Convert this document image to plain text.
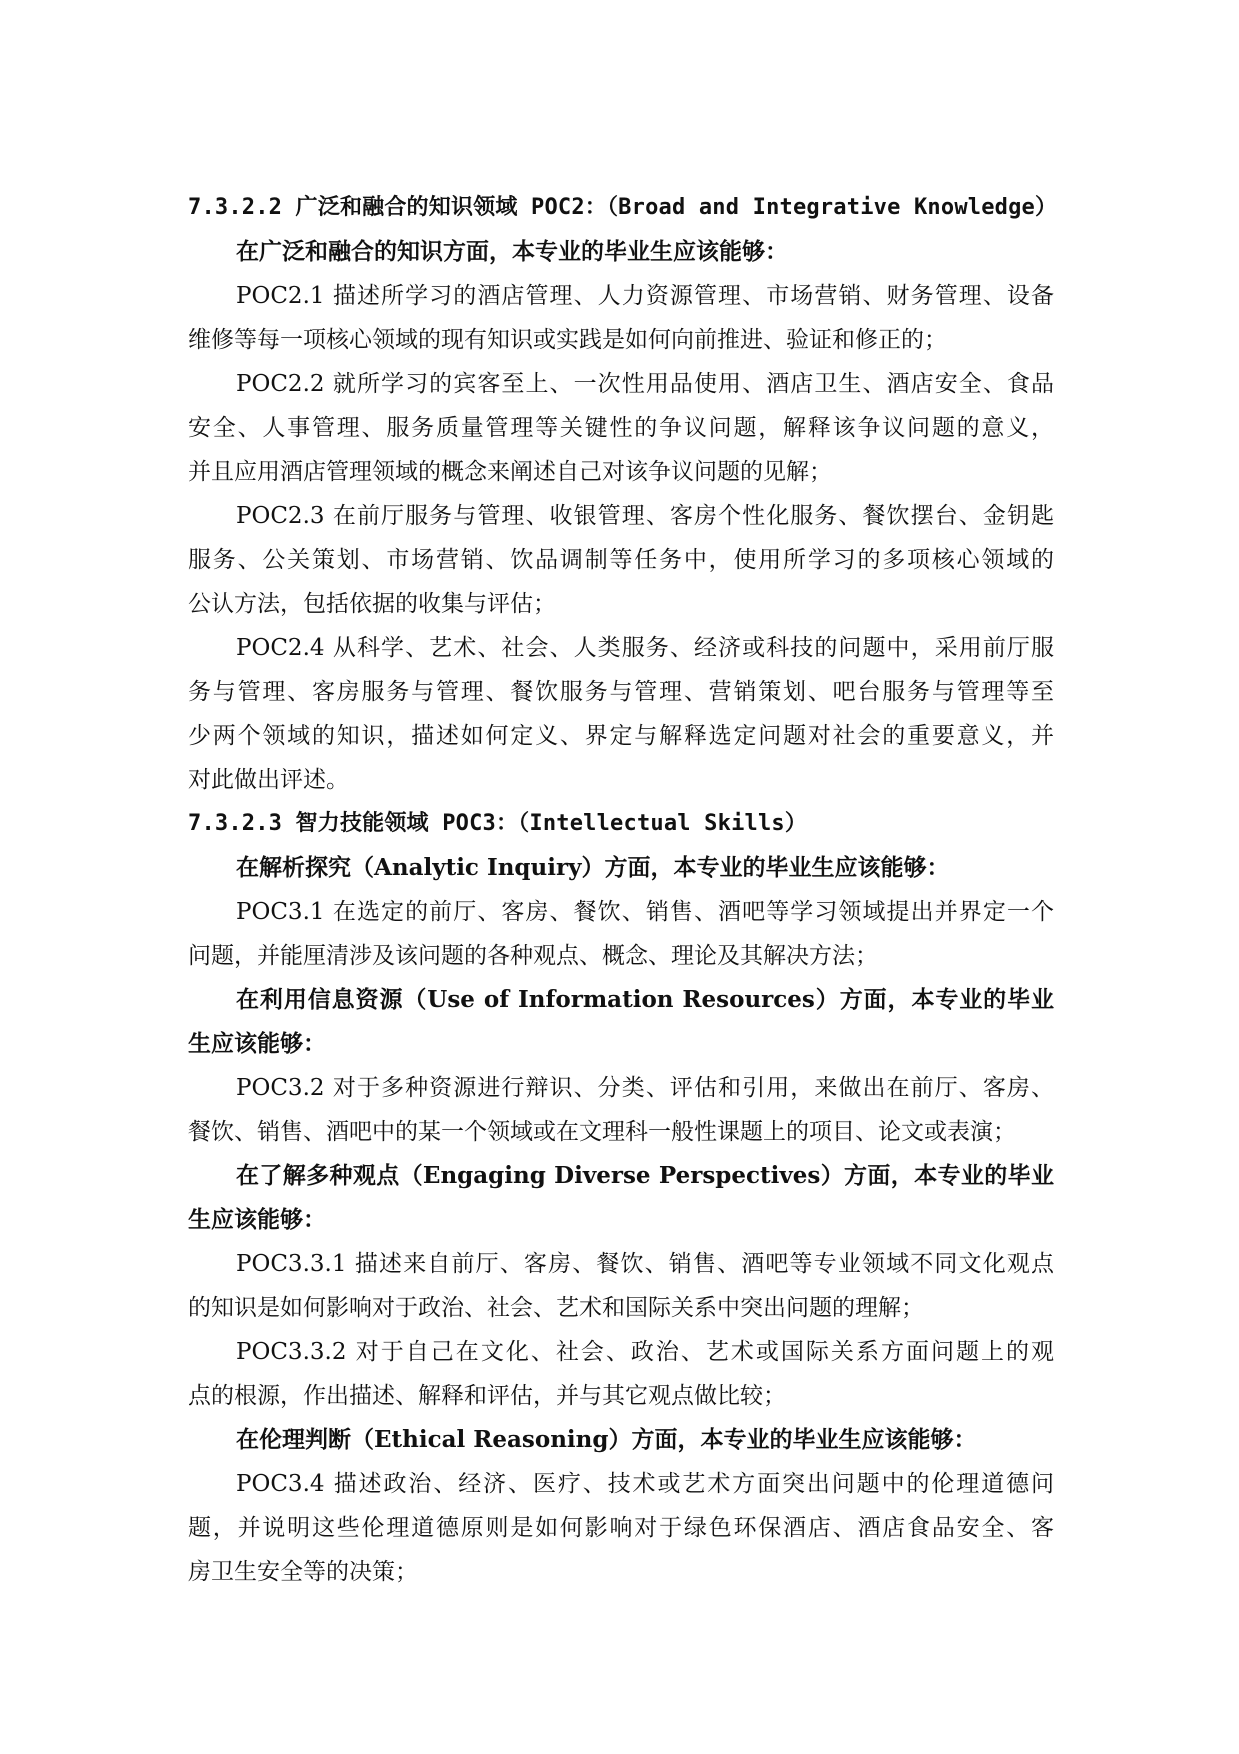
7.3.2.2 广泛和融合的知识领域 POC2：（Broad and Integrative Knowledge）
在广泛和融合的知识方面，本专业的毕业生应该能够：
POC2.1 描述所学习的酒店管理、人力资源管理、市场营销、财务管理、设备
维修等每一项核心领域的现有知识或实践是如何向前推进、验证和修正的；
POC2.2 就所学习的宾客至上、一次性用品使用、酒店卫生、酒店安全、食品
安全、人事管理、服务质量管理等关键性的争议问题，解释该争议问题的意义，
并且应用酒店管理领域的概念来阐述自己对该争议问题的见解；
POC2.3 在前厅服务与管理、收银管理、客房个性化服务、餐饮摆台、金钥匙
服务、公关策划、市场营销、饮品调制等任务中，使用所学习的多项核心领域的
公认方法，包括依据的收集与评估；
POC2.4 从科学、艺术、社会、人类服务、经济或科技的问题中，采用前厅服
务与管理、客房服务与管理、餐饮服务与管理、营销策划、吧台服务与管理等至
少两个领域的知识，描述如何定义、界定与解释选定问题对社会的重要意义，并
对此做出评述。
7.3.2.3 智力技能领域 POC3：（Intellectual Skills）
在解析探究（Analytic Inquiry）方面，本专业的毕业生应该能够：
POC3.1 在选定的前厅、客房、餐饮、销售、酒吧等学习领域提出并界定一个
问题，并能厘清涉及该问题的各种观点、概念、理论及其解决方法；
在利用信息资源（Use of Information Resources）方面，本专业的毕业
生应该能够：
POC3.2 对于多种资源进行辩识、分类、评估和引用，来做出在前厅、客房、
餐饮、销售、酒吧中的某一个领域或在文理科一般性课题上的项目、论文或表演；
在了解多种观点（Engaging Diverse Perspectives）方面，本专业的毕业
生应该能够：
POC3.3.1 描述来自前厅、客房、餐饮、销售、酒吧等专业领域不同文化观点
的知识是如何影响对于政治、社会、艺术和国际关系中突出问题的理解；
POC3.3.2 对于自己在文化、社会、政治、艺术或国际关系方面问题上的观
点的根源，作出描述、解释和评估，并与其它观点做比较；
在伦理判断（Ethical Reasoning）方面，本专业的毕业生应该能够：
POC3.4 描述政治、经济、医疗、技术或艺术方面突出问题中的伦理道德问
题，并说明这些伦理道德原则是如何影响对于绿色环保酒店、酒店食品安全、客
房卫生安全等的决策；
